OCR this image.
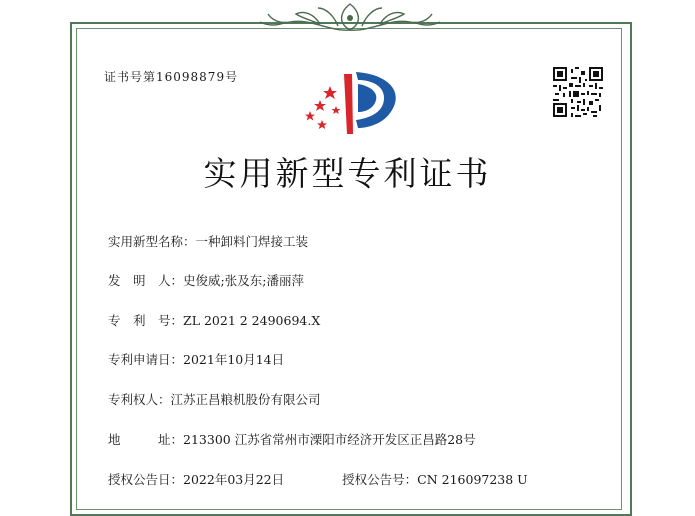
证书号第16098879号
实用新型专利证书
实用新型名称：一种卸料门焊接工装
发　明　人：史俊威;张及东;潘丽萍
专　利　号：ZL 2021 2 2490694.X
专利申请日：2021年10月14日
专利权人：江苏正昌粮机股份有限公司
地　　　址：213300 江苏省常州市溧阳市经济开发区正昌路28号
授权公告日：2022年03月22日	授权公告号：CN 216097238 U
